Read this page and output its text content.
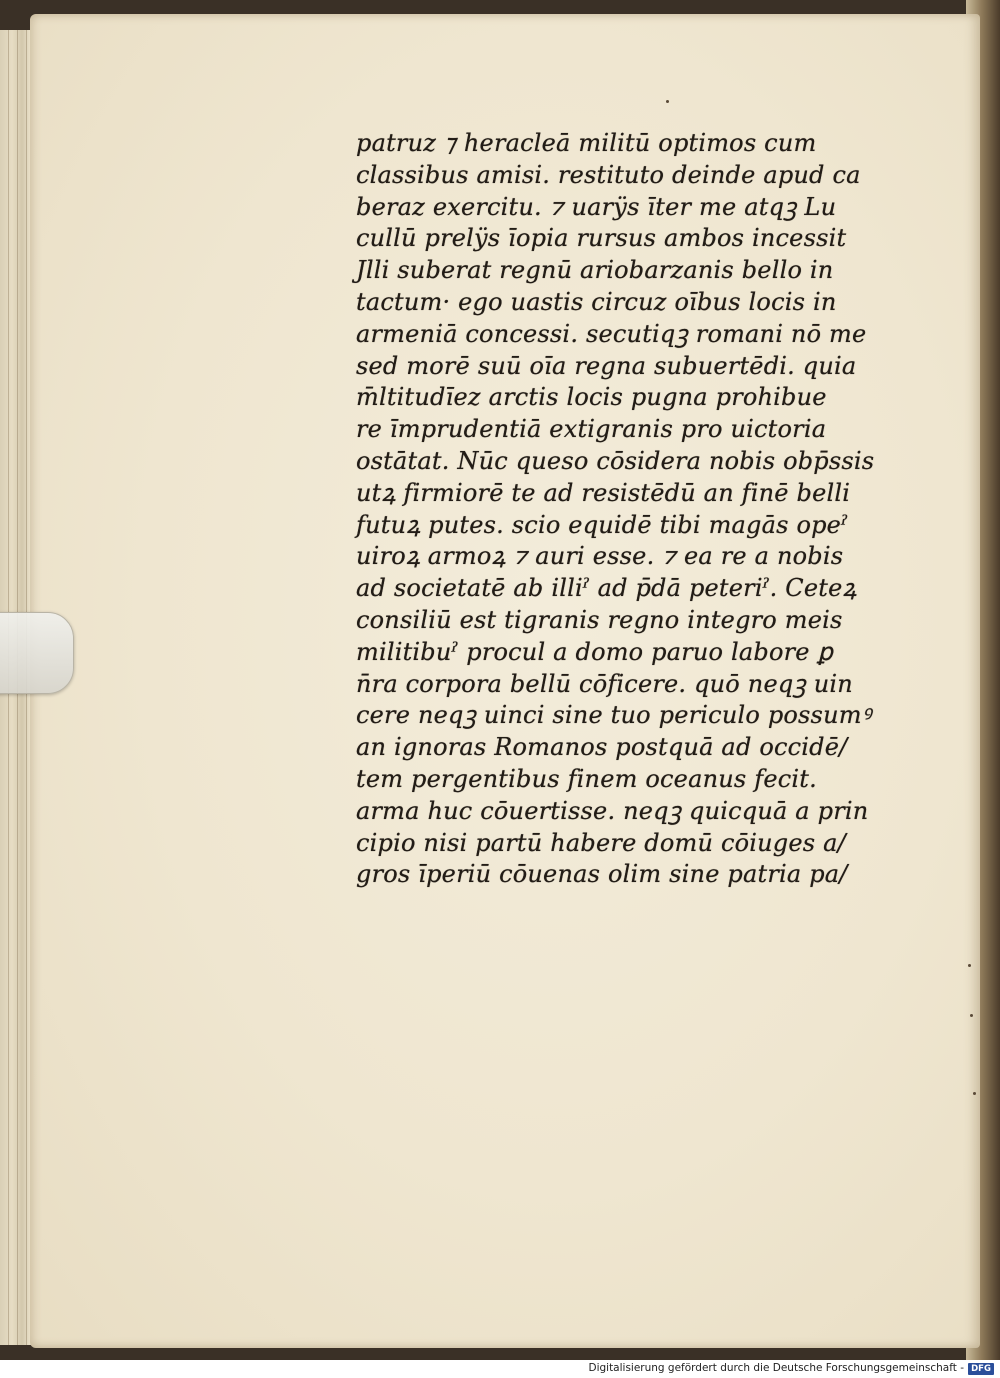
patruz ⁊ heracleā militū optimos cum
classibus amisi. restituto deinde apud ca
beraz exercitu. ⁊ uarÿs īter me atqꝫ Lu
cullū prelÿs īopia rursus ambos incessit
Jlli suberat regnū ariobarzanis bello in
tactum· ego uastis circuz oībus locis in
armeniā concessi. secutiqꝫ romani nō me
sed morē suū oīa regna subuertēdi. quia
m̄ltitudīez arctis locis pugna prohibue
re īmprudentiā extigranis pro uictoria
ostātat. Nūc queso cōsidera nobis obp̄ssis
utꝝ firmiorē te ad resistēdū an finē belli
futuꝝ putes. scio equidē tibi magās opeˀ
uiroꝝ armoꝝ ⁊ auri esse. ⁊ ea re a nobis
ad societatē ab illiˀ ad p̄dā peteriˀ. Ceteꝝ
consiliū est tigranis regno integro meis
militibuˀ procul a domo paruo labore ꝑ
n̄ra corpora bellū cōficere. quō neqꝫ uin
cere neqꝫ uinci sine tuo periculo possumꝰ
an ignoras Romanos postquā ad occidē/
tem pergentibus finem oceanus fecit.
arma huc cōuertisse. neqꝫ quicquā a prin
cipio nisi partū habere domū cōiuges a/
gros īperiū cōuenas olim sine patria pa/
Digitalisierung gefördert durch die Deutsche Forschungsgemeinschaft - DFG
